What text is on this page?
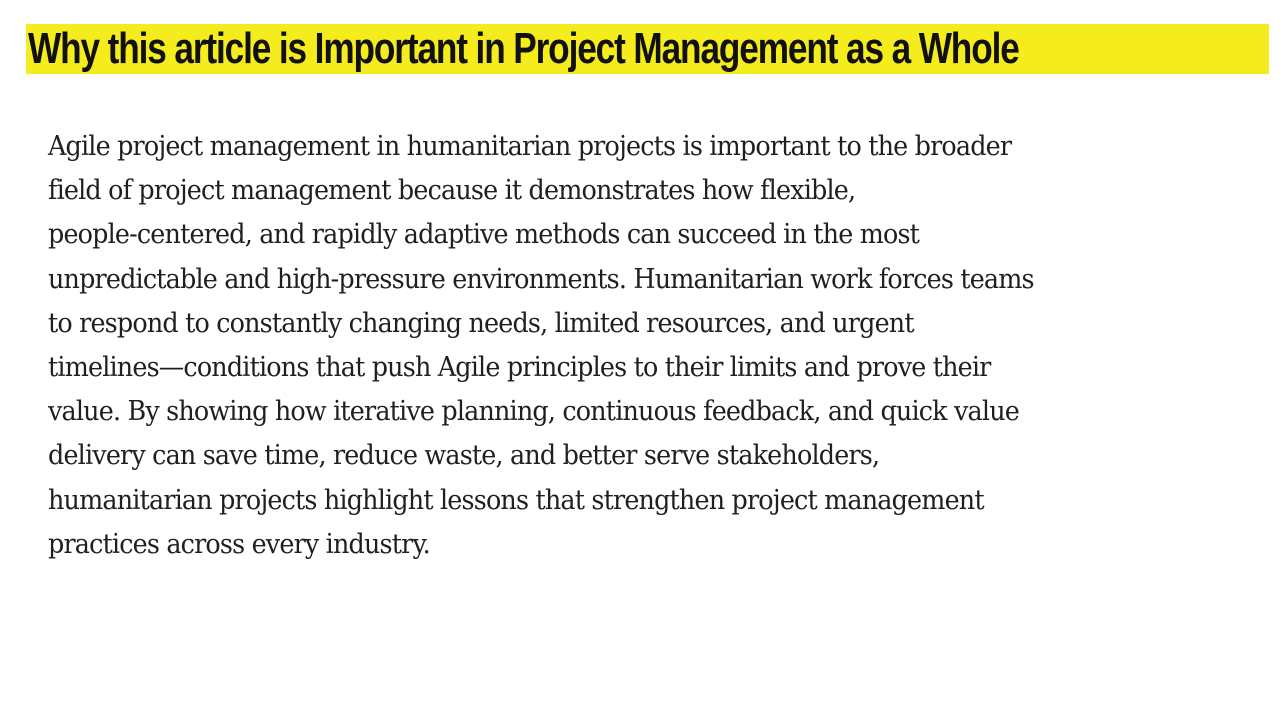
Why this article is Important in Project Management as a Whole
Agile project management in humanitarian projects is important to the broader
field of project management because it demonstrates how flexible,
people-centered, and rapidly adaptive methods can succeed in the most
unpredictable and high-pressure environments. Humanitarian work forces teams
to respond to constantly changing needs, limited resources, and urgent
timelines—conditions that push Agile principles to their limits and prove their
value. By showing how iterative planning, continuous feedback, and quick value
delivery can save time, reduce waste, and better serve stakeholders,
humanitarian projects highlight lessons that strengthen project management
practices across every industry.
